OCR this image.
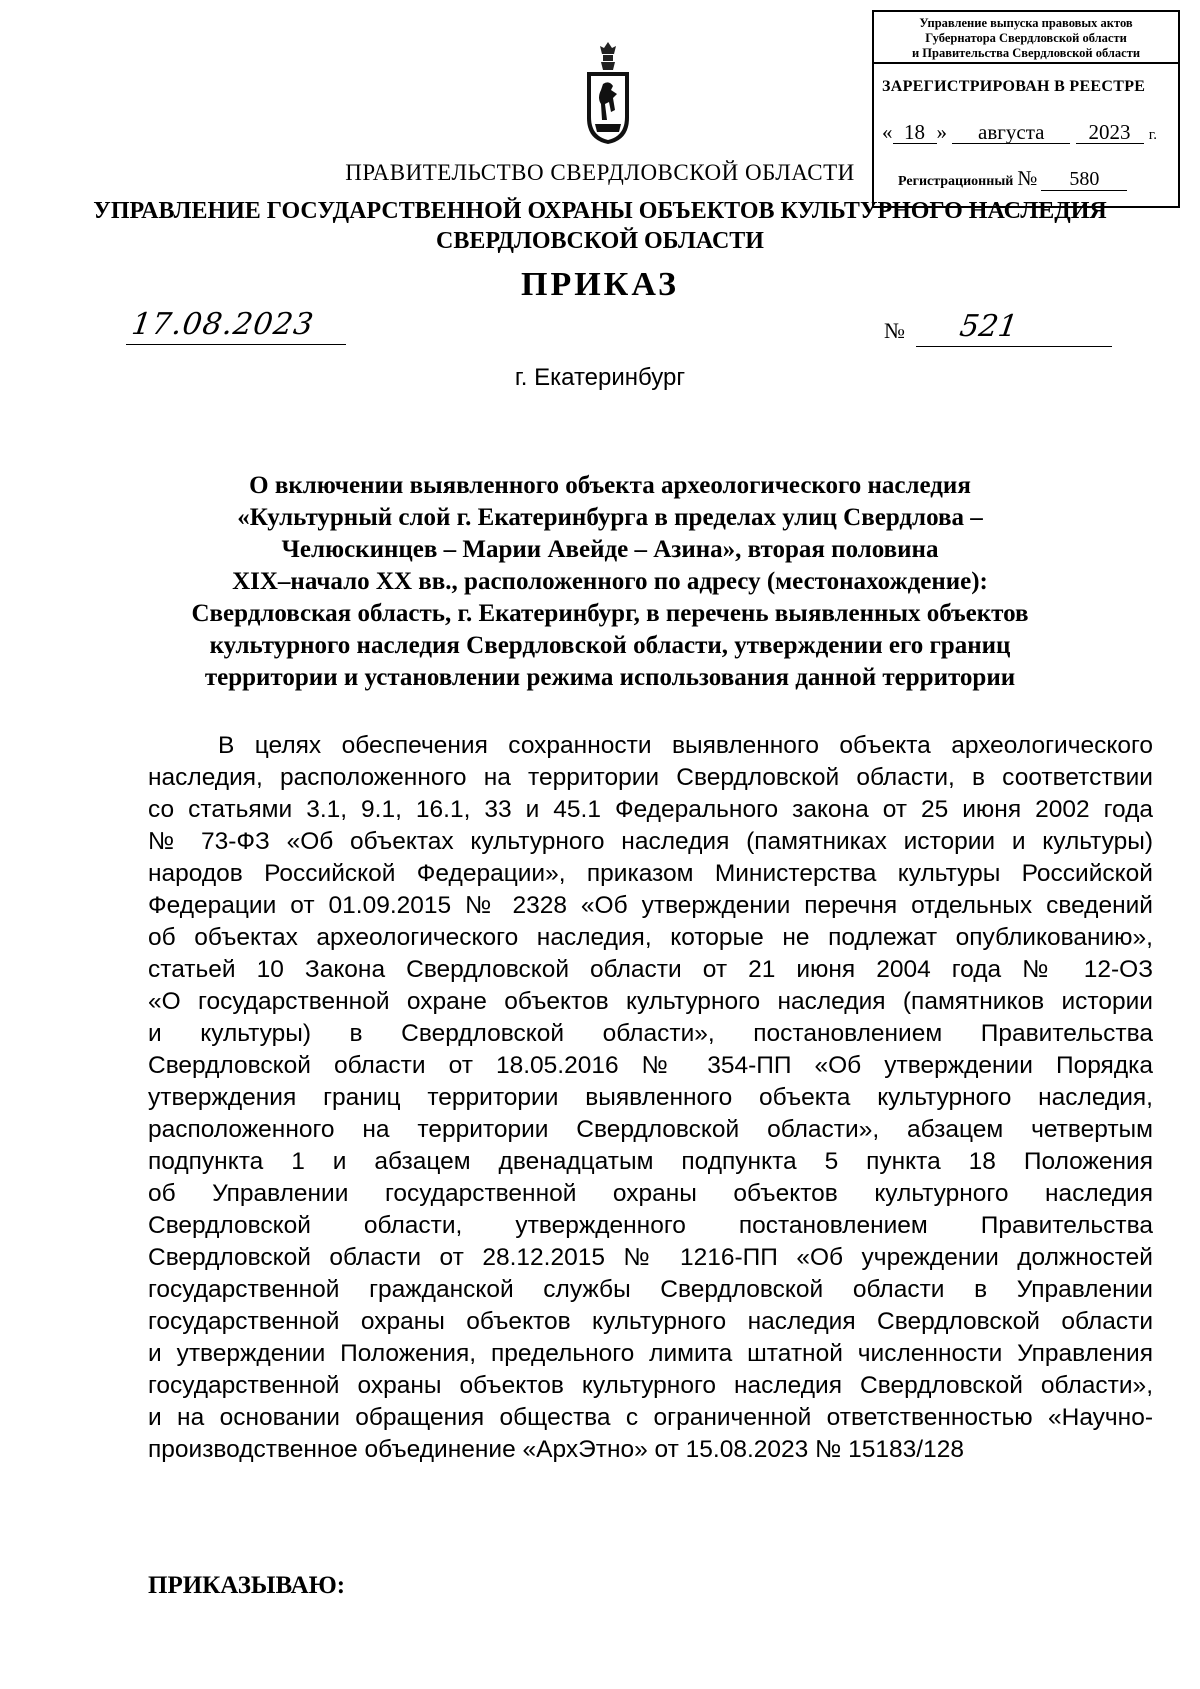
Управление выпуска правовых актов
Губернатора Свердловской области
и Правительства Свердловской области
ЗАРЕГИСТРИРОВАН В РЕЕСТРЕ
« 18 » августа 2023 г.
Регистрационный № 580
ПРАВИТЕЛЬСТВО СВЕРДЛОВСКОЙ ОБЛАСТИ
УПРАВЛЕНИЕ ГОСУДАРСТВЕННОЙ ОХРАНЫ ОБЪЕКТОВ КУЛЬТУРНОГО НАСЛЕДИЯ
СВЕРДЛОВСКОЙ ОБЛАСТИ
ПРИКАЗ
17.08.2023	№ 521
г. Екатеринбург
О включении выявленного объекта археологического наследия
«Культурный слой г. Екатеринбурга в пределах улиц Свердлова –
Челюскинцев – Марии Авейде – Азина», вторая половина
XIX–начало XX вв., расположенного по адресу (местонахождение):
Свердловская область, г. Екатеринбург, в перечень выявленных объектов
культурного наследия Свердловской области, утверждении его границ
территории и установлении режима использования данной территории
В целях обеспечения сохранности выявленного объекта археологического
наследия, расположенного на территории Свердловской области, в соответствии
со статьями 3.1, 9.1, 16.1, 33 и 45.1 Федерального закона от 25 июня 2002 года
№ 73-ФЗ «Об объектах культурного наследия (памятниках истории и культуры)
народов Российской Федерации», приказом Министерства культуры Российской
Федерации от 01.09.2015 № 2328 «Об утверждении перечня отдельных сведений
об объектах археологического наследия, которые не подлежат опубликованию»,
статьей 10 Закона Свердловской области от 21 июня 2004 года № 12-ОЗ
«О государственной охране объектов культурного наследия (памятников истории
и культуры) в Свердловской области», постановлением Правительства
Свердловской области от 18.05.2016 № 354-ПП «Об утверждении Порядка
утверждения границ территории выявленного объекта культурного наследия,
расположенного на территории Свердловской области», абзацем четвертым
подпункта 1 и абзацем двенадцатым подпункта 5 пункта 18 Положения
об Управлении государственной охраны объектов культурного наследия
Свердловской области, утвержденного постановлением Правительства
Свердловской области от 28.12.2015 № 1216-ПП «Об учреждении должностей
государственной гражданской службы Свердловской области в Управлении
государственной охраны объектов культурного наследия Свердловской области
и утверждении Положения, предельного лимита штатной численности Управления
государственной охраны объектов культурного наследия Свердловской области»,
и на основании обращения общества с ограниченной ответственностью «Научно-
производственное объединение «АрхЭтно» от 15.08.2023 № 15183/128
ПРИКАЗЫВАЮ:
